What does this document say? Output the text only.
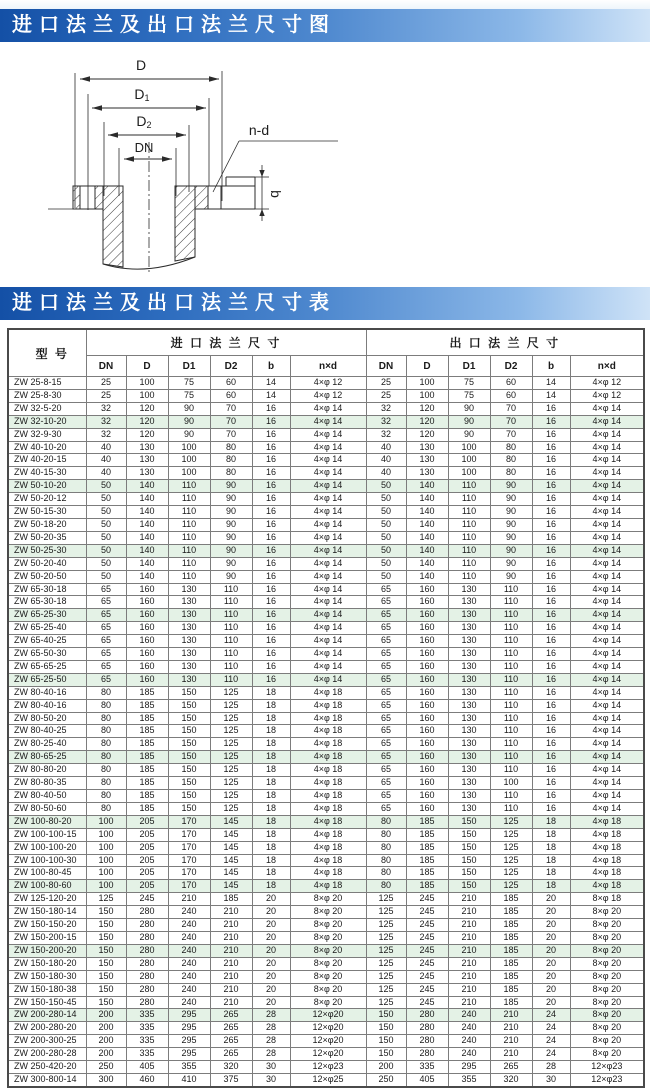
进口法兰及出口法兰尺寸图
D
D1
D2
DN
n-d
b
进口法兰及出口法兰尺寸表
型 号	进 口 法 兰 尺 寸						出 口 法 兰 尺 寸					
	DN	D	D1	D2	b	n×d	DN	D	D1	D2	b	n×d
ZW 25-8-15	25	100	75	60	14	4×φ 12	25	100	75	60	14	4×φ 12
ZW 25-8-30	25	100	75	60	14	4×φ 12	25	100	75	60	14	4×φ 12
ZW 32-5-20	32	120	90	70	16	4×φ 14	32	120	90	70	16	4×φ 14
ZW 32-10-20	32	120	90	70	16	4×φ 14	32	120	90	70	16	4×φ 14
ZW 32-9-30	32	120	90	70	16	4×φ 14	32	120	90	70	16	4×φ 14
ZW 40-10-20	40	130	100	80	16	4×φ 14	40	130	100	80	16	4×φ 14
ZW 40-20-15	40	130	100	80	16	4×φ 14	40	130	100	80	16	4×φ 14
ZW 40-15-30	40	130	100	80	16	4×φ 14	40	130	100	80	16	4×φ 14
ZW 50-10-20	50	140	110	90	16	4×φ 14	50	140	110	90	16	4×φ 14
ZW 50-20-12	50	140	110	90	16	4×φ 14	50	140	110	90	16	4×φ 14
ZW 50-15-30	50	140	110	90	16	4×φ 14	50	140	110	90	16	4×φ 14
ZW 50-18-20	50	140	110	90	16	4×φ 14	50	140	110	90	16	4×φ 14
ZW 50-20-35	50	140	110	90	16	4×φ 14	50	140	110	90	16	4×φ 14
ZW 50-25-30	50	140	110	90	16	4×φ 14	50	140	110	90	16	4×φ 14
ZW 50-20-40	50	140	110	90	16	4×φ 14	50	140	110	90	16	4×φ 14
ZW 50-20-50	50	140	110	90	16	4×φ 14	50	140	110	90	16	4×φ 14
ZW 65-30-18	65	160	130	110	16	4×φ 14	65	160	130	110	16	4×φ 14
ZW 65-30-18	65	160	130	110	16	4×φ 14	65	160	130	110	16	4×φ 14
ZW 65-25-30	65	160	130	110	16	4×φ 14	65	160	130	110	16	4×φ 14
ZW 65-25-40	65	160	130	110	16	4×φ 14	65	160	130	110	16	4×φ 14
ZW 65-40-25	65	160	130	110	16	4×φ 14	65	160	130	110	16	4×φ 14
ZW 65-50-30	65	160	130	110	16	4×φ 14	65	160	130	110	16	4×φ 14
ZW 65-65-25	65	160	130	110	16	4×φ 14	65	160	130	110	16	4×φ 14
ZW 65-25-50	65	160	130	110	16	4×φ 14	65	160	130	110	16	4×φ 14
ZW 80-40-16	80	185	150	125	18	4×φ 18	65	160	130	110	16	4×φ 14
ZW 80-40-16	80	185	150	125	18	4×φ 18	65	160	130	110	16	4×φ 14
ZW 80-50-20	80	185	150	125	18	4×φ 18	65	160	130	110	16	4×φ 14
ZW 80-40-25	80	185	150	125	18	4×φ 18	65	160	130	110	16	4×φ 14
ZW 80-25-40	80	185	150	125	18	4×φ 18	65	160	130	110	16	4×φ 14
ZW 80-65-25	80	185	150	125	18	4×φ 18	65	160	130	110	16	4×φ 14
ZW 80-80-20	80	185	150	125	18	4×φ 18	65	160	130	110	16	4×φ 14
ZW 80-80-35	80	185	150	125	18	4×φ 18	65	160	130	100	16	4×φ 14
ZW 80-40-50	80	185	150	125	18	4×φ 18	65	160	130	110	16	4×φ 14
ZW 80-50-60	80	185	150	125	18	4×φ 18	65	160	130	110	16	4×φ 14
ZW 100-80-20	100	205	170	145	18	4×φ 18	80	185	150	125	18	4×φ 18
ZW 100-100-15	100	205	170	145	18	4×φ 18	80	185	150	125	18	4×φ 18
ZW 100-100-20	100	205	170	145	18	4×φ 18	80	185	150	125	18	4×φ 18
ZW 100-100-30	100	205	170	145	18	4×φ 18	80	185	150	125	18	4×φ 18
ZW 100-80-45	100	205	170	145	18	4×φ 18	80	185	150	125	18	4×φ 18
ZW 100-80-60	100	205	170	145	18	4×φ 18	80	185	150	125	18	4×φ 18
ZW 125-120-20	125	245	210	185	20	8×φ 20	125	245	210	185	20	8×φ 18
ZW 150-180-14	150	280	240	210	20	8×φ 20	125	245	210	185	20	8×φ 20
ZW 150-150-20	150	280	240	210	20	8×φ 20	125	245	210	185	20	8×φ 20
ZW 150-200-15	150	280	240	210	20	8×φ 20	125	245	210	185	20	8×φ 20
ZW 150-200-20	150	280	240	210	20	8×φ 20	125	245	210	185	20	8×φ 20
ZW 150-180-20	150	280	240	210	20	8×φ 20	125	245	210	185	20	8×φ 20
ZW 150-180-30	150	280	240	210	20	8×φ 20	125	245	210	185	20	8×φ 20
ZW 150-180-38	150	280	240	210	20	8×φ 20	125	245	210	185	20	8×φ 20
ZW 150-150-45	150	280	240	210	20	8×φ 20	125	245	210	185	20	8×φ 20
ZW 200-280-14	200	335	295	265	28	12×φ20	150	280	240	210	24	8×φ 20
ZW 200-280-20	200	335	295	265	28	12×φ20	150	280	240	210	24	8×φ 20
ZW 200-300-25	200	335	295	265	28	12×φ20	150	280	240	210	24	8×φ 20
ZW 200-280-28	200	335	295	265	28	12×φ20	150	280	240	210	24	8×φ 20
ZW 250-420-20	250	405	355	320	30	12×φ23	200	335	295	265	28	12×φ23
ZW 300-800-14	300	460	410	375	30	12×φ25	250	405	355	320	30	12×φ23
